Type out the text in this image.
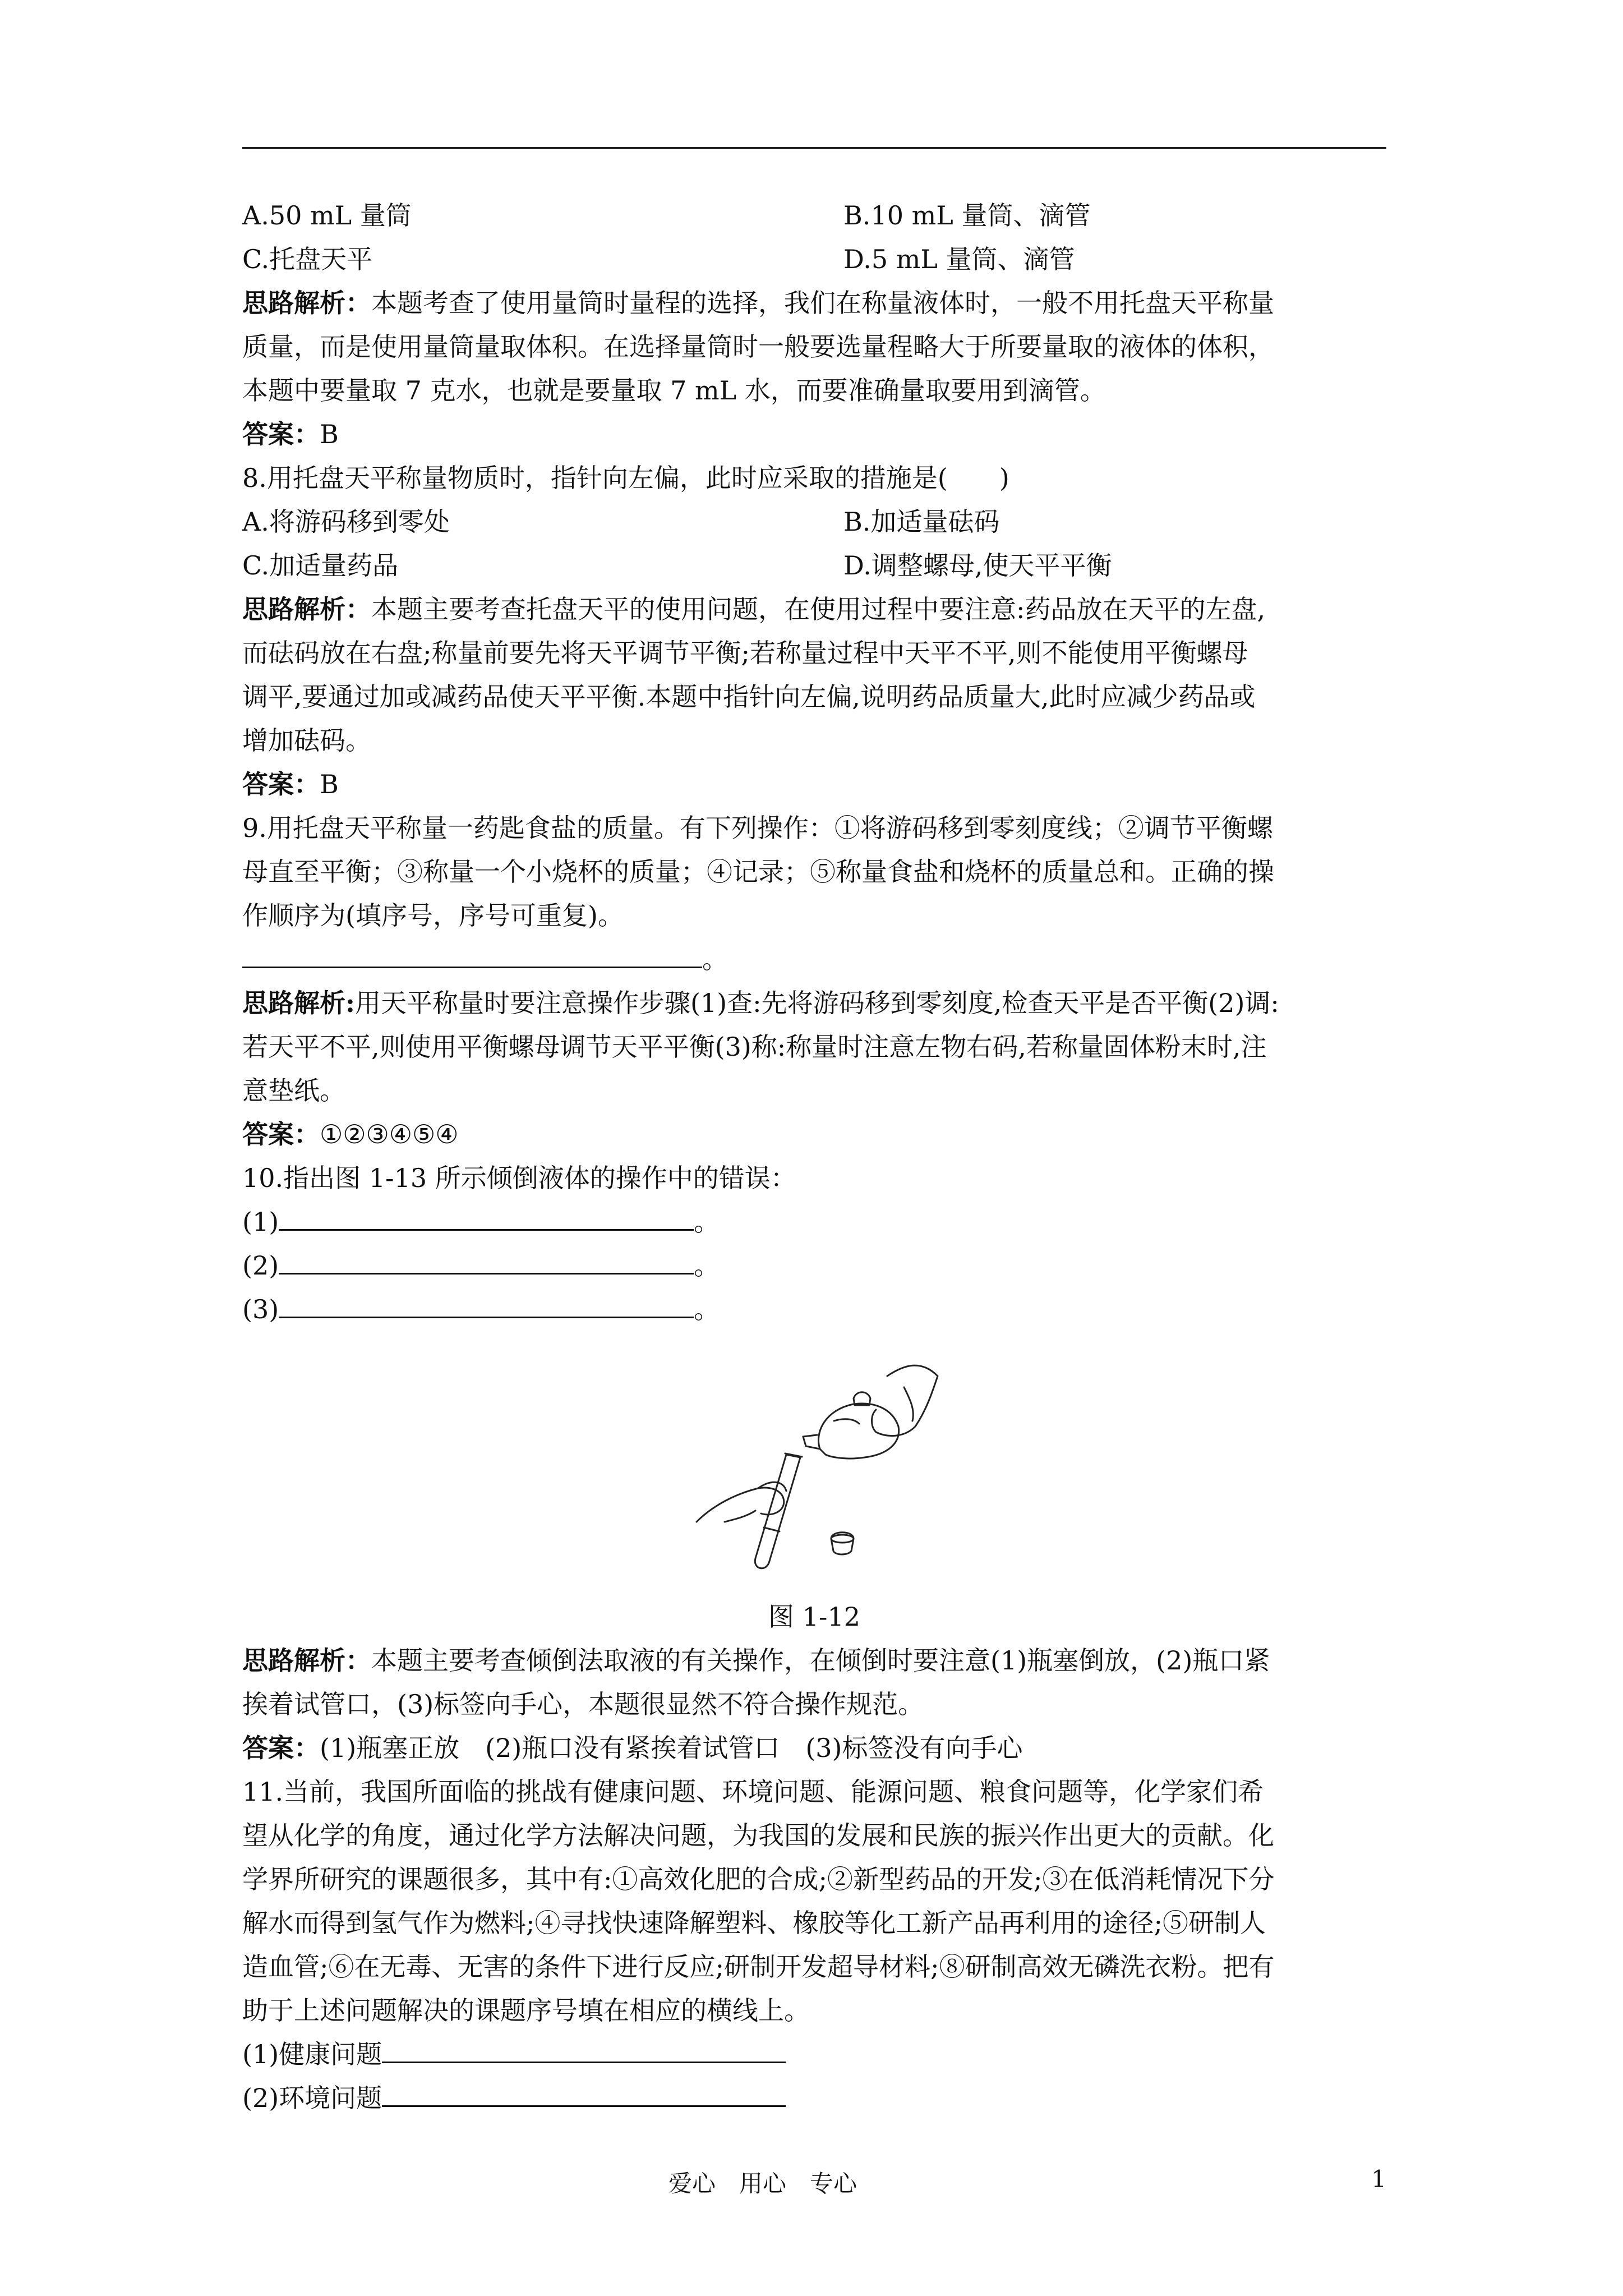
A.50 mL 量筒	B.10 mL 量筒、滴管
C.托盘天平	D.5 mL 量筒、滴管
思路解析：本题考查了使用量筒时量程的选择，我们在称量液体时，一般不用托盘天平称量
质量，而是使用量筒量取体积。在选择量筒时一般要选量程略大于所要量取的液体的体积，
本题中要量取 7 克水，也就是要量取 7 mL 水，而要准确量取要用到滴管。
答案：B
8.用托盘天平称量物质时，指针向左偏，此时应采取的措施是(　　)
A.将游码移到零处	B.加适量砝码
C.加适量药品	D.调整螺母,使天平平衡
思路解析：本题主要考查托盘天平的使用问题，在使用过程中要注意:药品放在天平的左盘,
而砝码放在右盘;称量前要先将天平调节平衡;若称量过程中天平不平,则不能使用平衡螺母
调平,要通过加或减药品使天平平衡.本题中指针向左偏,说明药品质量大,此时应减少药品或
增加砝码。
答案：B
9.用托盘天平称量一药匙食盐的质量。有下列操作：①将游码移到零刻度线；②调节平衡螺
母直至平衡；③称量一个小烧杯的质量；④记录；⑤称量食盐和烧杯的质量总和。正确的操
作顺序为(填序号，序号可重复)。
。
思路解析:用天平称量时要注意操作步骤(1)查:先将游码移到零刻度,检查天平是否平衡(2)调:
若天平不平,则使用平衡螺母调节天平平衡(3)称:称量时注意左物右码,若称量固体粉末时,注
意垫纸。
答案：①②③④⑤④
10.指出图 1-13 所示倾倒液体的操作中的错误：
(1)	。
(2)	。
(3)	。
图 1-12
思路解析：本题主要考查倾倒法取液的有关操作，在倾倒时要注意(1)瓶塞倒放，(2)瓶口紧
挨着试管口，(3)标签向手心，本题很显然不符合操作规范。
答案：(1)瓶塞正放　(2)瓶口没有紧挨着试管口　(3)标签没有向手心
11.当前，我国所面临的挑战有健康问题、环境问题、能源问题、粮食问题等，化学家们希
望从化学的角度，通过化学方法解决问题，为我国的发展和民族的振兴作出更大的贡献。化
学界所研究的课题很多，其中有:①高效化肥的合成;②新型药品的开发;③在低消耗情况下分
解水而得到氢气作为燃料;④寻找快速降解塑料、橡胶等化工新产品再利用的途径;⑤研制人
造血管;⑥在无毒、无害的条件下进行反应;研制开发超导材料;⑧研制高效无磷洗衣粉。把有
助于上述问题解决的课题序号填在相应的横线上。
(1)健康问题
(2)环境问题
爱心　用心　专心	1
